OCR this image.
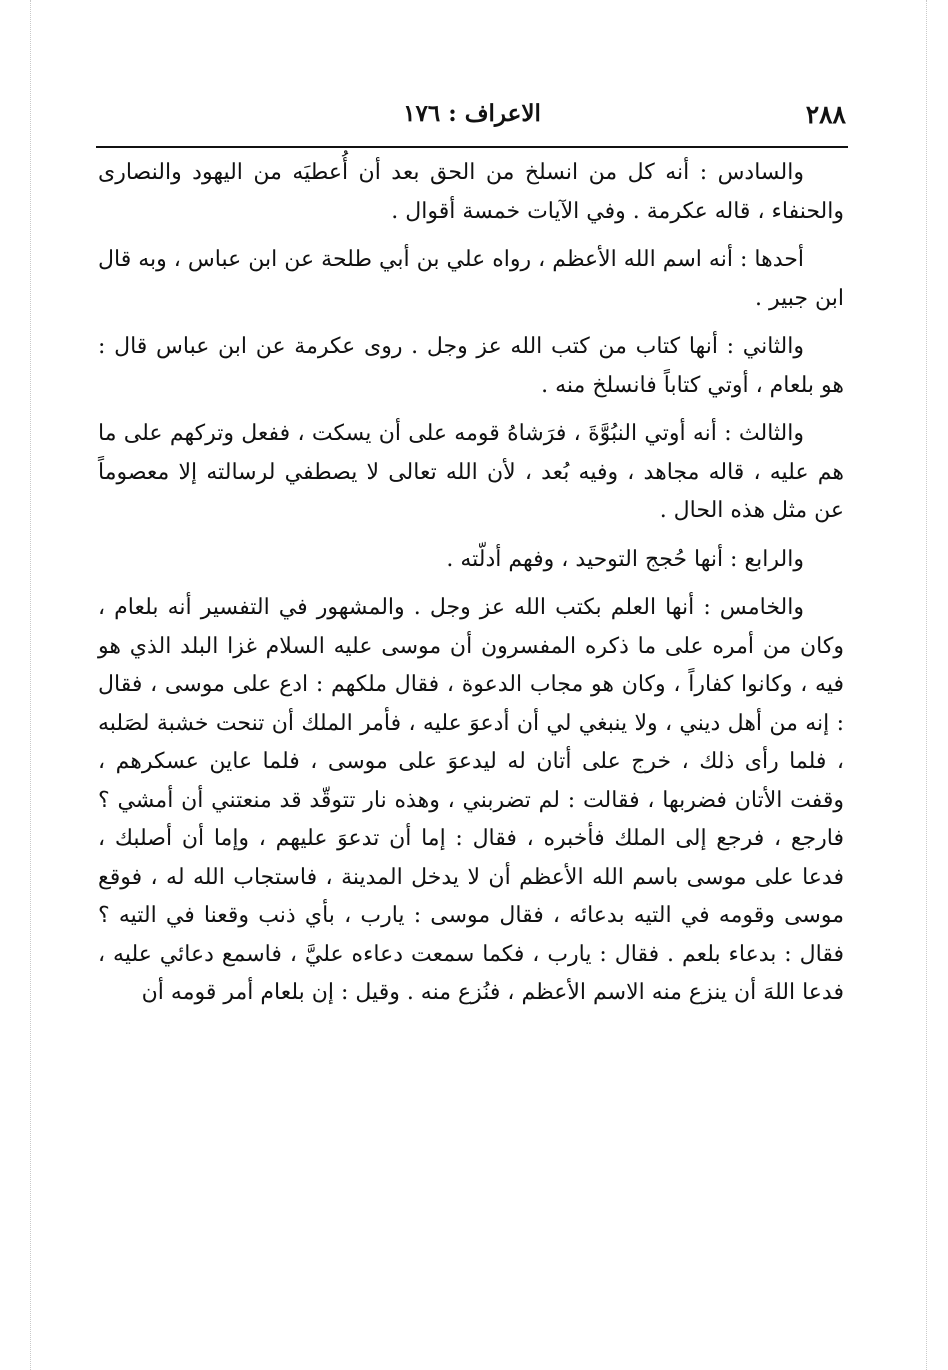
٢٨٨
الاعراف : ١٧٦

والسادس : أنه كل من انسلخ من الحق بعد أن أُعطيَه من اليهود والنصارى والحنفاء ، قاله عكرمة . وفي الآيات خمسة أقوال .

أحدها : أنه اسم الله الأعظم ، رواه علي بن أبي طلحة عن ابن عباس ، وبه قال ابن جبير .

والثاني : أنها كتاب من كتب الله عز وجل . روى عكرمة عن ابن عباس قال : هو بلعام ، أوتي كتاباً فانسلخ منه .

والثالث : أنه أوتي النبُوَّةَ ، فرَشاهُ قومه على أن يسكت ، ففعل وتركهم على ما هم عليه ، قاله مجاهد ، وفيه بُعد ، لأن الله تعالى لا يصطفي لرسالته إلا معصوماً عن مثل هذه الحال .

والرابع : أنها حُجج التوحيد ، وفهم أدلّته .

والخامس : أنها العلم بكتب الله عز وجل . والمشهور في التفسير أنه بلعام ، وكان من أمره على ما ذكره المفسرون أن موسى عليه السلام غزا البلد الذي هو فيه ، وكانوا كفاراً ، وكان هو مجاب الدعوة ، فقال ملكهم : ادع على موسى ، فقال : إنه من أهل ديني ، ولا ينبغي لي أن أدعوَ عليه ، فأمر الملك أن تنحت خشبة لصَلبه ، فلما رأى ذلك ، خرج على أتان له ليدعوَ على موسى ، فلما عاين عسكرهم ، وقفت الأتان فضربها ، فقالت : لم تضربني ، وهذه نار تتوقّد قد منعتني أن أمشي ؟ فارجع ، فرجع إلى الملك فأخبره ، فقال : إما أن تدعوَ عليهم ، وإما أن أصلبك ، فدعا على موسى باسم الله الأعظم أن لا يدخل المدينة ، فاستجاب الله له ، فوقع موسى وقومه في التيه بدعائه ، فقال موسى : يارب ، بأي ذنب وقعنا في التيه ؟ فقال : بدعاء بلعم . فقال : يارب ، فكما سمعت دعاءه عليَّ ، فاسمع دعائي عليه ، فدعا اللهَ أن ينزع منه الاسم الأعظم ، فنُزع منه . وقيل : إن بلعام أمر قومه أن
